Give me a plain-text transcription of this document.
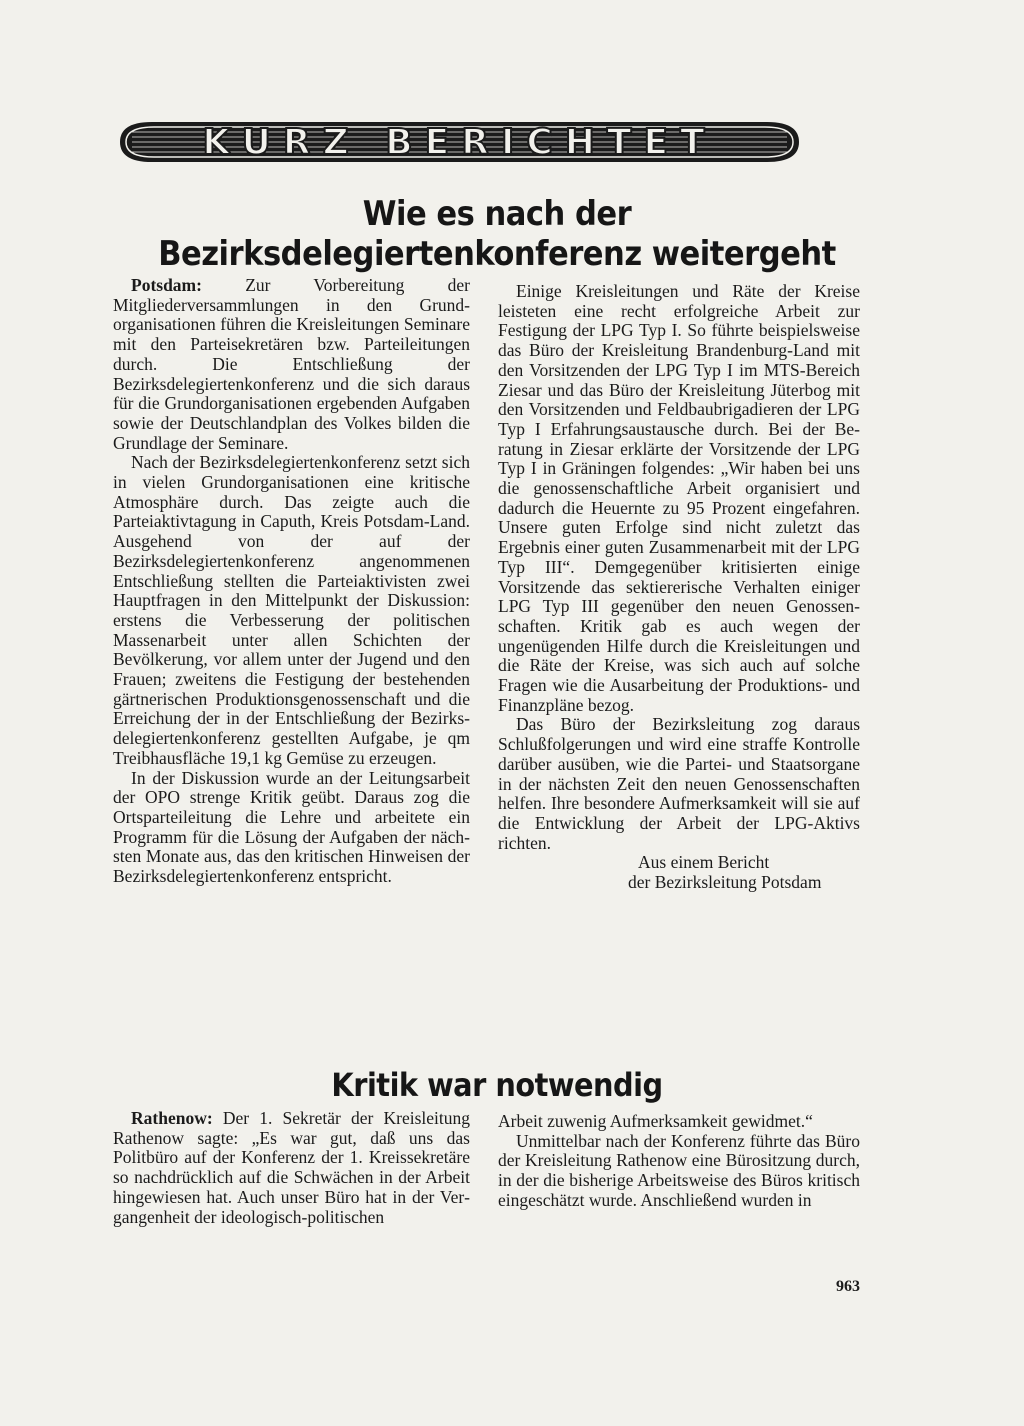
KURZ BERICHTET
Wie es nach der
Bezirksdelegiertenkonferenz weitergeht

Potsdam: Zur Vorbereitung der Mitgliederversammlungen in den Grundorganisationen führen die Kreisleitungen Seminare mit den Parteisekretären bzw. Parteileitungen durch. Die Entschließung der Bezirksdelegiertenkonferenz und die sich daraus für die Grundorganisationen ergebenden Aufgaben sowie der Deutschlandplan des Volkes bilden die Grundlage der Seminare.

Nach der Bezirksdelegiertenkonferenz setzt sich in vielen Grundorganisationen eine kritische Atmosphäre durch. Das zeigte auch die Parteiaktivtagung in Caputh, Kreis Potsdam-Land. Ausgehend von der auf der Bezirksdelegiertenkonferenz angenommenen Entschließung stellten die Parteiaktivisten zwei Hauptfragen in den Mittelpunkt der Diskussion: erstens die Verbesserung der politischen Massenarbeit unter allen Schichten der Bevölkerung, vor allem unter der Jugend und den Frauen; zweitens die Festigung der bestehenden gärtnerischen Produktionsgenossenschaft und die Erreichung der in der Entschließung der Bezirksdelegiertenkonferenz gestellten Aufgabe, je qm Treibhausfläche 19,1 kg Gemüse zu erzeugen.

In der Diskussion wurde an der Leitungsarbeit der OPO strenge Kritik geübt. Daraus zog die Ortsparteileitung die Lehre und arbeitete ein Programm für die Lösung der Aufgaben der nächsten Monate aus, das den kritischen Hinweisen der Bezirksdelegiertenkonferenz entspricht.

Einige Kreisleitungen und Räte der Kreise leisteten eine recht erfolgreiche Arbeit zur Festigung der LPG Typ I. So führte beispielsweise das Büro der Kreisleitung Brandenburg-Land mit den Vorsitzenden der LPG Typ I im MTS-Bereich Ziesar und das Büro der Kreisleitung Jüterbog mit den Vorsitzenden und Feldbaubrigadieren der LPG Typ I Erfahrungsaustausche durch. Bei der Beratung in Ziesar erklärte der Vorsitzende der LPG Typ I in Gräningen folgendes: „Wir haben bei uns die genossenschaftliche Arbeit organisiert und dadurch die Heuernte zu 95 Prozent eingefahren. Unsere guten Erfolge sind nicht zuletzt das Ergebnis einer guten Zusammenarbeit mit der LPG Typ III“. Demgegenüber kritisierten einige Vorsitzende das sektiererische Verhalten einiger LPG Typ III gegenüber den neuen Genossenschaften. Kritik gab es auch wegen der ungenügenden Hilfe durch die Kreisleitungen und die Räte der Kreise, was sich auch auf solche Fragen wie die Ausarbeitung der Produktions- und Finanzpläne bezog.

Das Büro der Bezirksleitung zog daraus Schlußfolgerungen und wird eine straffe Kontrolle darüber ausüben, wie die Partei- und Staatsorgane in der nächsten Zeit den neuen Genossenschaften helfen. Ihre besondere Aufmerksamkeit will sie auf die Entwicklung der Arbeit der LPG-Aktivs richten.

Aus einem Bericht

der Bezirksleitung Potsdam

Kritik war notwendig

Rathenow: Der 1. Sekretär der Kreisleitung Rathenow sagte: „Es war gut, daß uns das Politbüro auf der Konferenz der 1. Kreissekretäre so nachdrücklich auf die Schwächen in der Arbeit hingewiesen hat. Auch unser Büro hat in der Vergangenheit der ideologisch-politischen

Arbeit zuwenig Aufmerksamkeit gewidmet.“

Unmittelbar nach der Konferenz führte das Büro der Kreisleitung Rathenow eine Bürositzung durch, in der die bisherige Arbeitsweise des Büros kritisch eingeschätzt wurde. Anschließend wurden in

963
